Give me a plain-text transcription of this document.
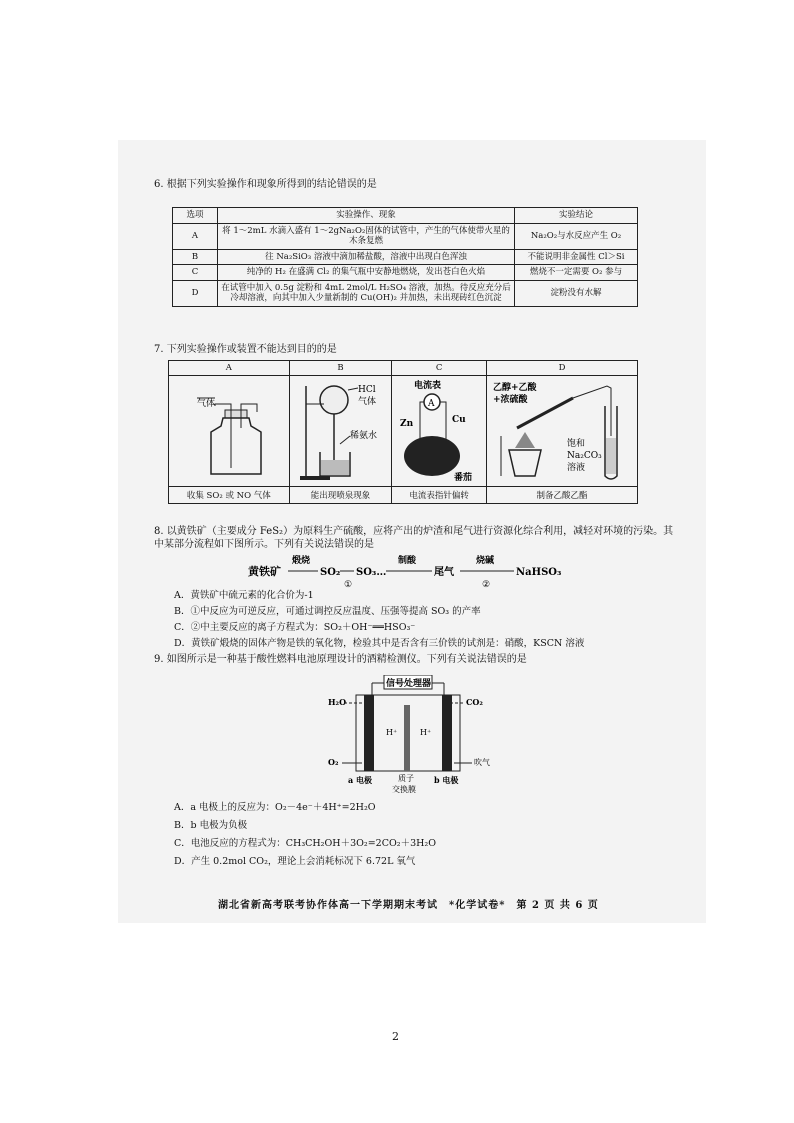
6. 根据下列实验操作和现象所得到的结论错误的是
选项	实验操作、现象	实验结论
A	将 1～2mL 水滴入盛有 1～2gNa₂O₂固体的试管中，产生的气体使带火星的木条复燃	Na₂O₂与水反应产生 O₂
B	往 Na₂SiO₃ 溶液中滴加稀盐酸，溶液中出现白色浑浊	不能说明非金属性 Cl＞Si
C	纯净的 H₂ 在盛满 Cl₂ 的集气瓶中安静地燃烧，发出苍白色火焰	燃烧不一定需要 O₂ 参与
D	在试管中加入 0.5g 淀粉和 4mL 2mol/L H₂SO₄ 溶液，加热。待反应充分后冷却溶液，向其中加入少量新制的 Cu(OH)₂ 并加热，未出现砖红色沉淀	淀粉没有水解
7. 下列实验操作或装置不能达到目的的是
A	B	C	D

气体	HCl
气体
稀氨水	电流表
A
Zn Cu
番茄	乙醇+乙酸
+浓硫酸
饱和
Na₂CO₃
溶液

收集 SO₂ 或 NO 气体	能出现喷泉现象	电流表指针偏转	制备乙酸乙酯
8. 以黄铁矿（主要成分 FeS₂）为原料生产硫酸，应将产出的炉渣和尾气进行资源化综合利用，减轻对环境的污染。其中某部分流程如下图所示。下列有关说法错误的是
黄铁矿
煅烧
SO₂
①
SO₃…
制酸
尾气
烧碱
②
NaHSO₃
A．黄铁矿中硫元素的化合价为-1
B．①中反应为可逆反应，可通过调控反应温度、压强等提高 SO₃ 的产率
C．②中主要反应的离子方程式为：SO₂＋OH⁻══HSO₃⁻
D．黄铁矿煅烧的固体产物是铁的氧化物，检验其中是否含有三价铁的试剂是：硝酸，KSCN 溶液
9. 如图所示是一种基于酸性燃料电池原理设计的酒精检测仪。下列有关说法错误的是
信号处理器
H₂O	CO₂
H⁺	H⁺
O₂	吹气
a 电极	质子
交换膜
b 电极
A．a 电极上的反应为：O₂－4e⁻＋4H⁺=2H₂O
B．b 电极为负极
C．电池反应的方程式为：CH₃CH₂OH＋3O₂=2CO₂＋3H₂O
D．产生 0.2mol CO₂，理论上会消耗标况下 6.72L 氧气
湖北省新高考联考协作体高一下学期期末考试　*化学试卷*　第 2 页 共 6 页
2
